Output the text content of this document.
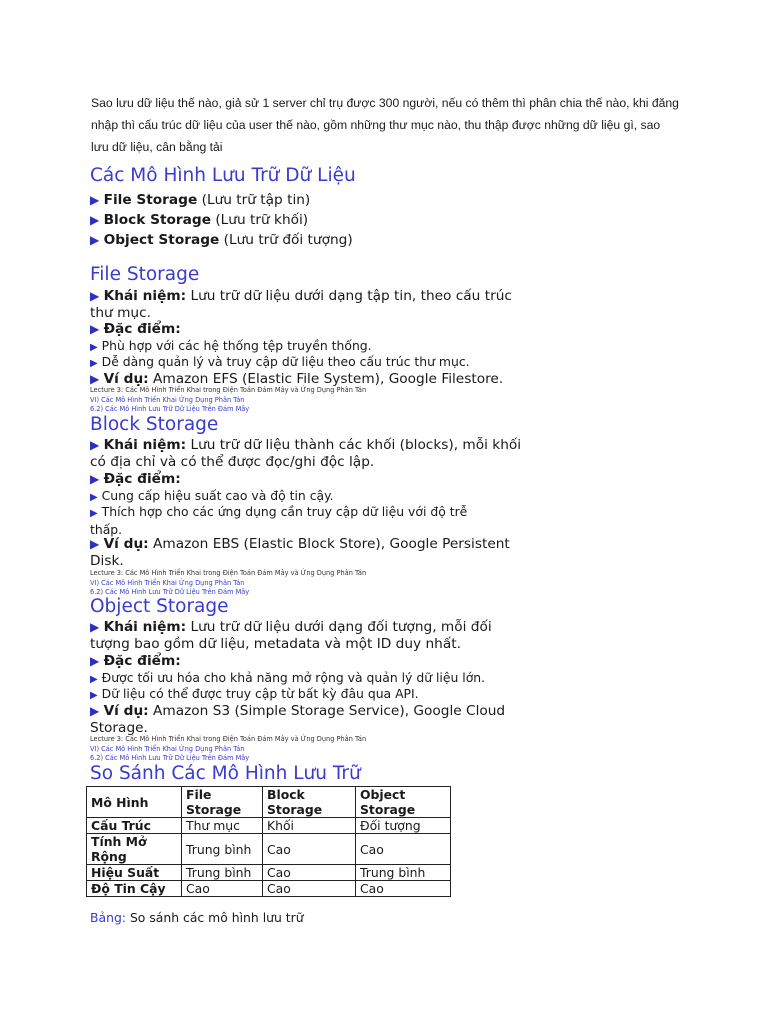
Sao lưu dữ liệu thế nào, giả sử 1 server chỉ trụ được 300 người, nếu có thêm thì phân chia thế nào, khi đăng nhập thì cấu trúc dữ liệu của user thế nào, gồm những thư mục nào, thu thập được những dữ liệu gì, sao lưu dữ liệu, cân bằng tải
Các Mô Hình Lưu Trữ Dữ Liệu
▶ File Storage (Lưu trữ tập tin)
▶ Block Storage (Lưu trữ khối)
▶ Object Storage (Lưu trữ đối tượng)
File Storage
▶ Khái niệm: Lưu trữ dữ liệu dưới dạng tập tin, theo cấu trúc thư mục.
▶ Đặc điểm:
▶ Phù hợp với các hệ thống tệp truyền thống.
▶ Dễ dàng quản lý và truy cập dữ liệu theo cấu trúc thư mục.
▶ Ví dụ: Amazon EFS (Elastic File System), Google Filestore.
Lecture 3: Các Mô Hình Triển Khai trong Điện Toán Đám Mây và Ứng Dụng Phân Tán
VI) Các Mô Hình Triển Khai Ứng Dụng Phân Tán
6.2) Các Mô Hình Lưu Trữ Dữ Liệu Trên Đám Mây
Block Storage
▶ Khái niệm: Lưu trữ dữ liệu thành các khối (blocks), mỗi khối có địa chỉ và có thể được đọc/ghi độc lập.
▶ Đặc điểm:
▶ Cung cấp hiệu suất cao và độ tin cậy.
▶ Thích hợp cho các ứng dụng cần truy cập dữ liệu với độ trễ thấp.
▶ Ví dụ: Amazon EBS (Elastic Block Store), Google Persistent Disk.
Lecture 3: Các Mô Hình Triển Khai trong Điện Toán Đám Mây và Ứng Dụng Phân Tán
VI) Các Mô Hình Triển Khai Ứng Dụng Phân Tán
6.2) Các Mô Hình Lưu Trữ Dữ Liệu Trên Đám Mây
Object Storage
▶ Khái niệm: Lưu trữ dữ liệu dưới dạng đối tượng, mỗi đối tượng bao gồm dữ liệu, metadata và một ID duy nhất.
▶ Đặc điểm:
▶ Được tối ưu hóa cho khả năng mở rộng và quản lý dữ liệu lớn.
▶ Dữ liệu có thể được truy cập từ bất kỳ đâu qua API.
▶ Ví dụ: Amazon S3 (Simple Storage Service), Google Cloud Storage.
Lecture 3: Các Mô Hình Triển Khai trong Điện Toán Đám Mây và Ứng Dụng Phân Tán
VI) Các Mô Hình Triển Khai Ứng Dụng Phân Tán
6.2) Các Mô Hình Lưu Trữ Dữ Liệu Trên Đám Mây
So Sánh Các Mô Hình Lưu Trữ
Mô Hình	File Storage	Block Storage	Object Storage
Cấu Trúc	Thư mục	Khối	Đối tượng
Tính Mở Rộng	Trung bình	Cao	Cao
Hiệu Suất	Trung bình	Cao	Trung bình
Độ Tin Cậy	Cao	Cao	Cao
Bảng: So sánh các mô hình lưu trữ
